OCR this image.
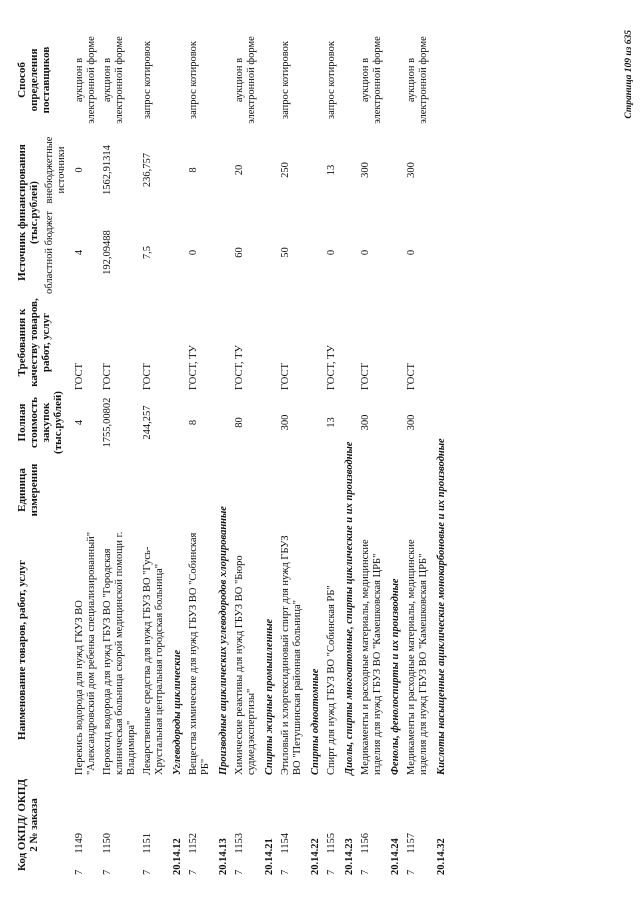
Код ОКПД/ ОКПД 2 № заказа
Наименование товаров, работ, услуг
Единица измерения
Полная стоимость закупок (тыс.рублей)
Требования к качеству товаров, работ, услуг
Источник финансирования (тыс.рублей) областной бюджет
внебюджетные источники
Способ определения поставщиков
71149
Перекись водорода для нужд ГКУЗ ВО "Александровский дом ребенка специализированный"
4
ГОСТ
4
0
аукцион в электронной форме
71150
Пероксид водорода для нужд ГБУЗ ВО "Городская клиническая больница скорой медицинской помощи г. Владимира"
1755,00802
ГОСТ
192,09488
1562,91314
аукцион в электронной форме
71151
Лекарственные средства для нужд ГБУЗ ВО "Гусь-Хрустальная центральная городская больница"
244,257
ГОСТ
7,5
236,757
запрос котировок
20.14.12
Углеводороды циклические
71152
Вещества химические для нужд ГБУЗ ВО "Собинская РБ"
8
ГОСТ, ТУ
0
8
запрос котировок
20.14.13
Производные ациклических углеводородов хлорированные
71153
Химические реактивы для нужд ГБУЗ ВО "Бюро судмедэкспертизы"
80
ГОСТ, ТУ
60
20
аукцион в электронной форме
20.14.21
Спирты жирные промышленные
71154
Этиловый и хлоргексидиновый спирт для нужд ГБУЗ ВО "Петушинская районная больница"
300
ГОСТ
50
250
запрос котировок
20.14.22
Спирты одноатомные
71155
Спирт для нужд ГБУЗ ВО "Собинская РБ"
13
ГОСТ, ТУ
0
13
запрос котировок
20.14.23
Диолы, спирты многоатомные, спирты циклические и их производные
71156
Медикаменты и расходные материалы, медицинские изделия для нужд ГБУЗ ВО "Камешковская ЦРБ"
300
ГОСТ
0
300
аукцион в электронной форме
20.14.24
Фенолы, фенолоспирты и их производные
71157
Медикаменты и расходные материалы, медицинские изделия для нужд ГБУЗ ВО "Камешковская ЦРБ"
300
ГОСТ
0
300
аукцион в электронной форме
20.14.32
Кислоты насыщенные ациклические монокарбоновые и их производные
Страница 109 из 635
